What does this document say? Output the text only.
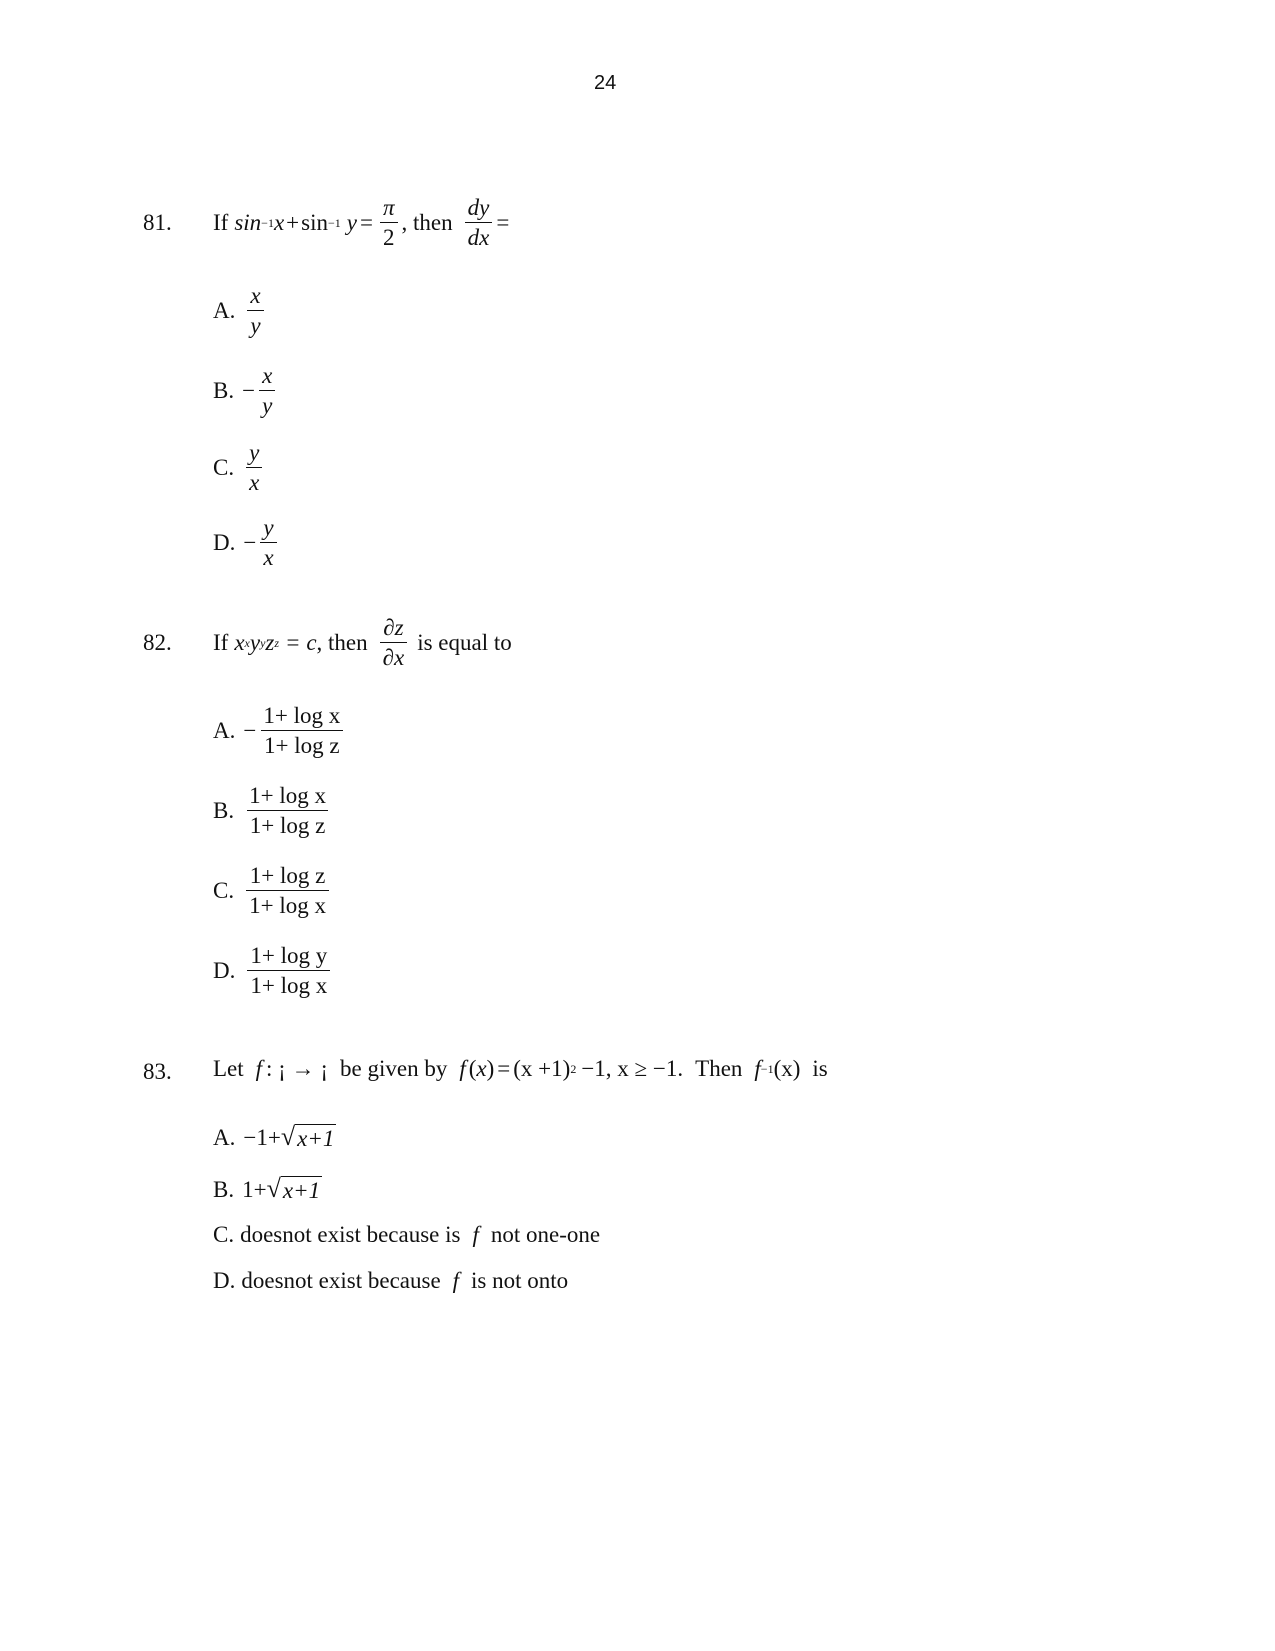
24
81. If sin −1 x + sin −1 $y = \frac{\pi}{2}$ , then $\frac{dy}{dx}$ =
A. $\frac{x}{y}$
B. − $\frac{x}{y}$
C. $\frac{y}{x}$
D. − $\frac{y}{x}$
82. If x x y y z z = c , then $\frac{\partial z}{\partial x}$ is equal to
A. − $\frac{\text{1+ log x}}{\text{1+ log z}}$
B. $\frac{\text{1+ log x}}{\text{1+ log z}}$
C. $\frac{\text{1+ log z}}{\text{1+ log x}}$
D. $\frac{\text{1+ log y}}{\text{1+ log x}}$
83. Let f : ¡ → ¡ be given by f ( x ) = (x +1) 2 −1, x ≥ −1. Then f −1 (x) is
A. −1+ √ x+1
B. 1+ √ x+1
C. doesnot exist because is f not one-one
D. doesnot exist because f is not onto
